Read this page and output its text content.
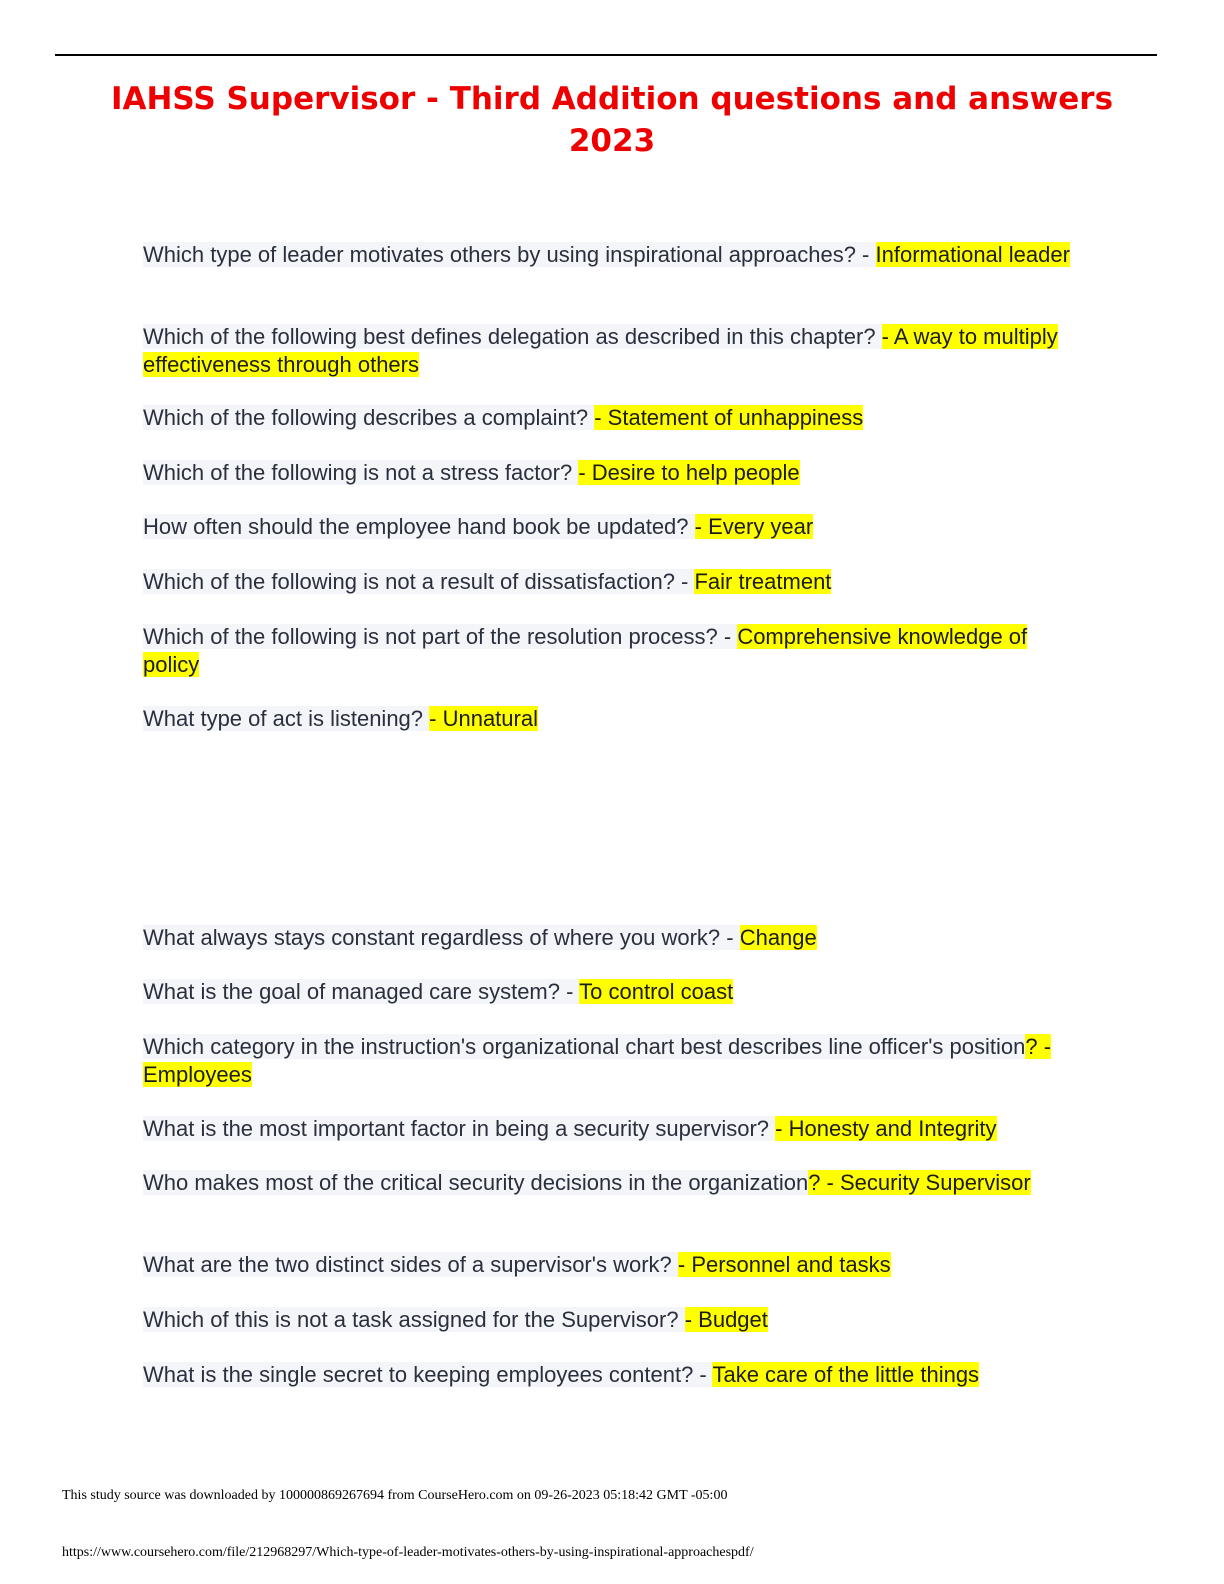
IAHSS Supervisor - Third Addition questions and answers
2023

Which type of leader motivates others by using inspirational approaches? - Informational leader

Which of the following best defines delegation as described in this chapter? - A way to multiply effectiveness through others

Which of the following describes a complaint? - Statement of unhappiness

Which of the following is not a stress factor? - Desire to help people

How often should the employee hand book be updated? - Every year

Which of the following is not a result of dissatisfaction? - Fair treatment

Which of the following is not part of the resolution process? - Comprehensive knowledge of policy

What type of act is listening? - Unnatural

What always stays constant regardless of where you work? - Change

What is the goal of managed care system? - To control coast

Which category in the instruction's organizational chart best describes line officer's position? - Employees

What is the most important factor in being a security supervisor? - Honesty and Integrity

Who makes most of the critical security decisions in the organization? - Security Supervisor

What are the two distinct sides of a supervisor's work? - Personnel and tasks

Which of this is not a task assigned for the Supervisor? - Budget

What is the single secret to keeping employees content? - Take care of the little things

This study source was downloaded by 100000869267694 from CourseHero.com on 09-26-2023 05:18:42 GMT -05:00
https://www.coursehero.com/file/212968297/Which-type-of-leader-motivates-others-by-using-inspirational-approachespdf/
